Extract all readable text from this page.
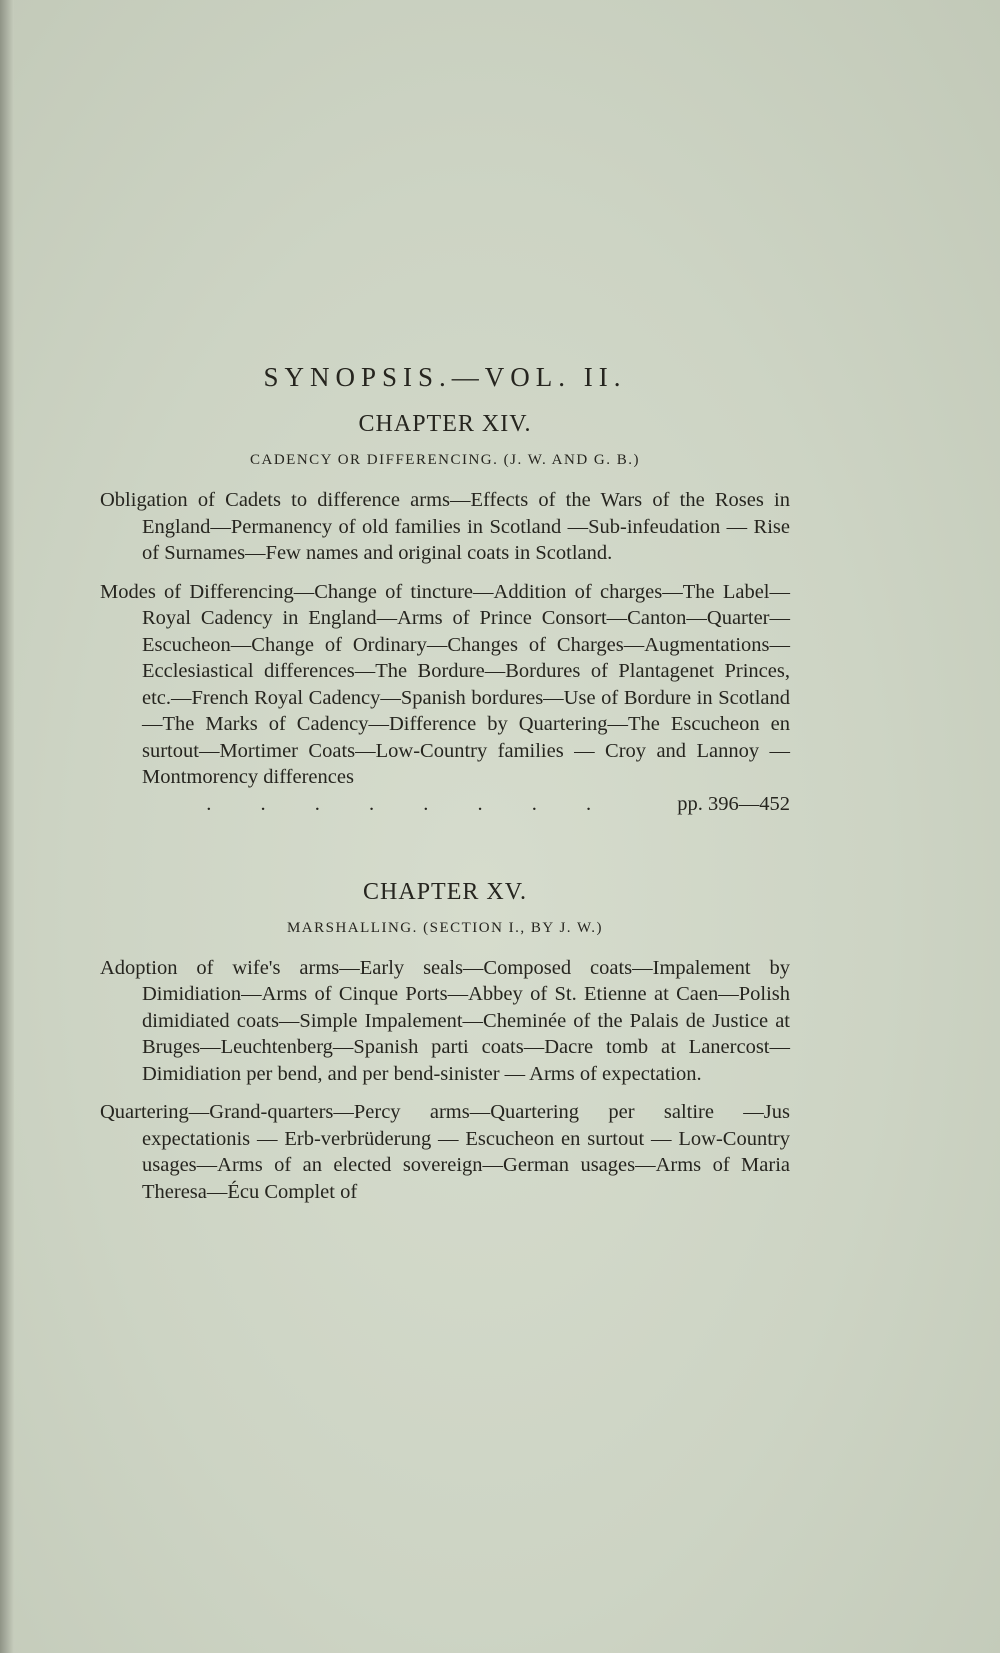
SYNOPSIS.—VOL. II.
CHAPTER XIV.
CADENCY OR DIFFERENCING. (J. W. AND G. B.)

Obligation of Cadets to difference arms—Effects of the Wars of the Roses in England—Permanency of old families in Scotland —Sub-infeudation — Rise of Surnames—Few names and original coats in Scotland.

Modes of Differencing—Change of tincture—Addition of charges—The Label—Royal Cadency in England—Arms of Prince Consort—Canton—Quarter—Escucheon—Change of Ordinary—Changes of Charges—Augmentations—Ecclesiastical differences—The Bordure—Bordures of Plantagenet Princes, etc.—French Royal Cadency—Spanish bordures—Use of Bordure in Scotland—The Marks of Cadency—Difference by Quartering—The Escucheon en surtout—Mortimer Coats—Low-Country families — Croy and Lannoy — Montmorency differences

. . . . . . . .	pp. 396—452
CHAPTER XV.
MARSHALLING. (SECTION I., BY J. W.)

Adoption of wife's arms—Early seals—Composed coats—Impalement by Dimidiation—Arms of Cinque Ports—Abbey of St. Etienne at Caen—Polish dimidiated coats—Simple Impalement—Cheminée of the Palais de Justice at Bruges—Leuchtenberg—Spanish parti coats—Dacre tomb at Lanercost—Dimidiation per bend, and per bend-sinister — Arms of expectation.

Quartering—Grand-quarters—Percy arms—Quartering per saltire —Jus expectationis — Erb-verbrüderung — Escucheon en surtout — Low-Country usages—Arms of an elected sovereign—German usages—Arms of Maria Theresa—Écu Complet of
